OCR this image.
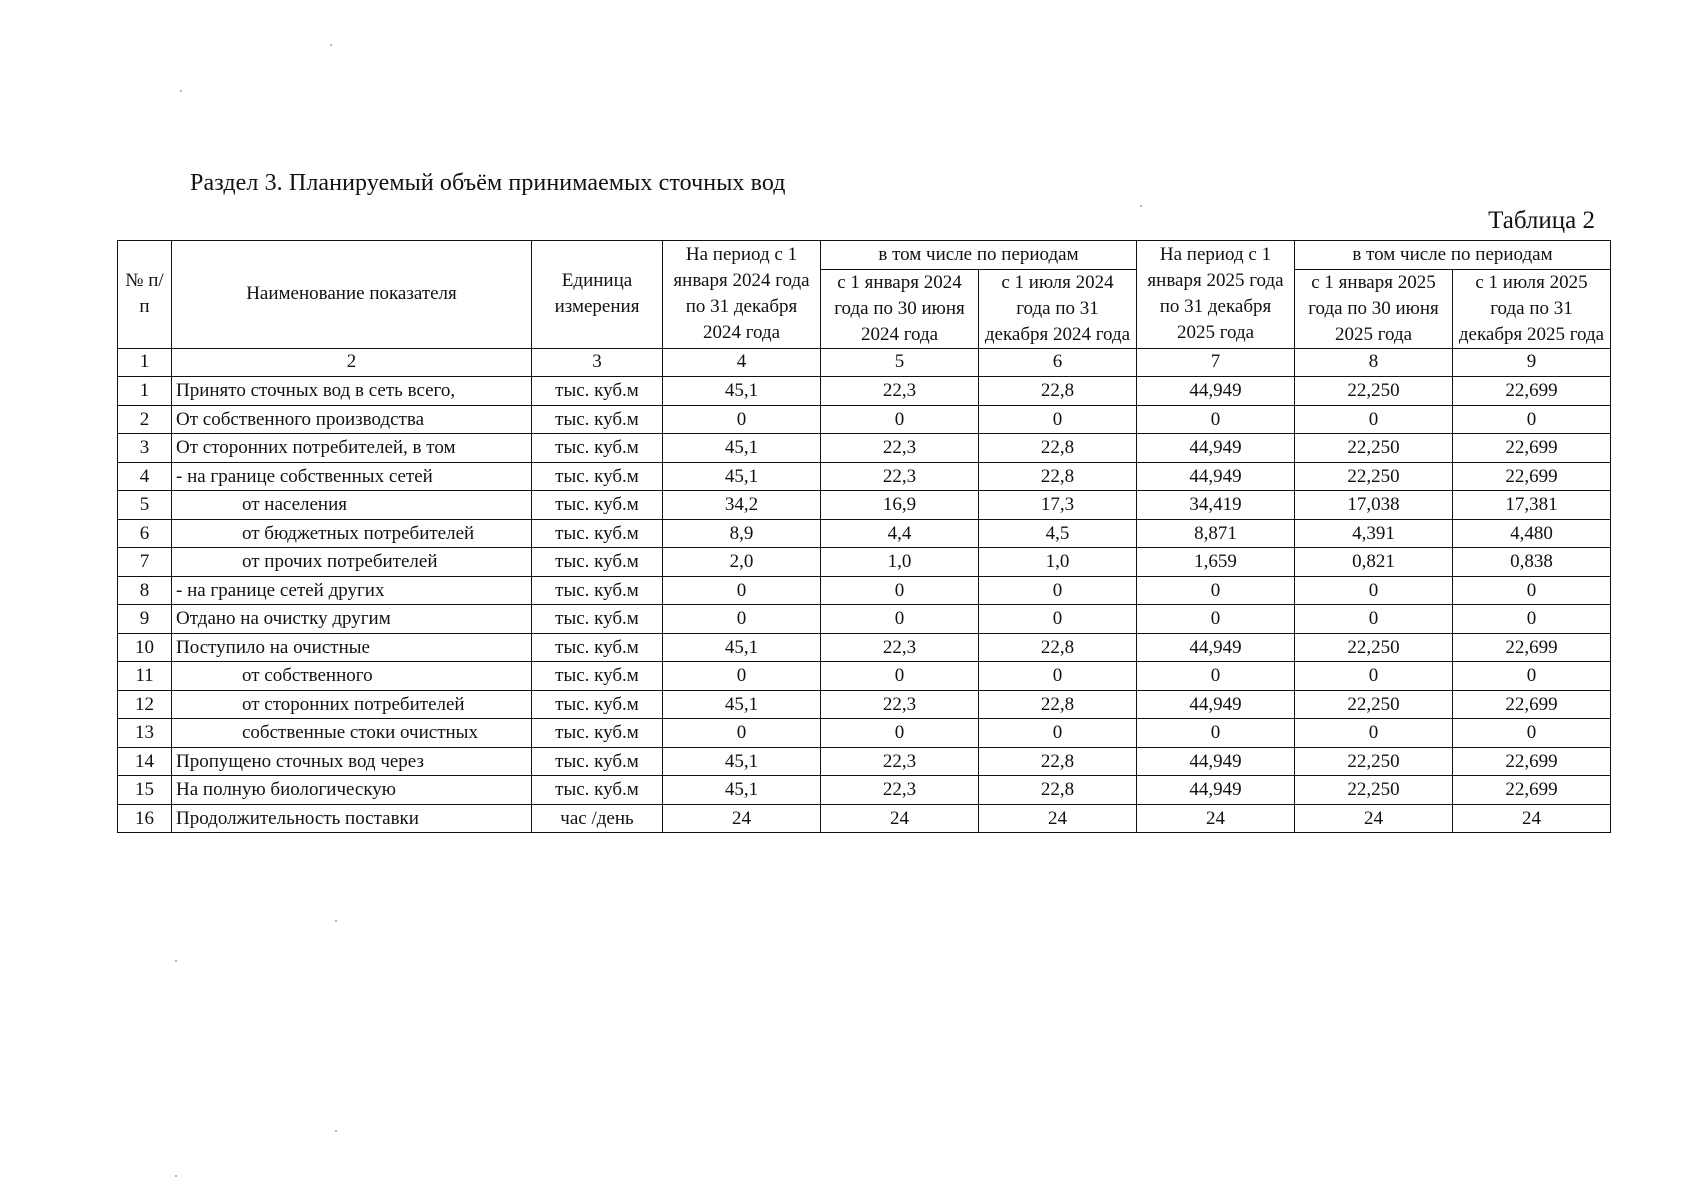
Раздел 3. Планируемый объём принимаемых сточных вод
Таблица 2
№ п/п	Наименование показателя	Единица измерения	На период с 1 января 2024 года по 31 декабря 2024 года	в том числе по периодам		На период с 1 января 2025 года по 31 декабря 2025 года	в том числе по периодам	
				с 1 января 2024 года по 30 июня 2024 года	с 1 июля 2024 года по 31 декабря 2024 года		с 1 января 2025 года по 30 июня 2025 года	с 1 июля 2025 года по 31 декабря 2025 года
1	2	3	4	5	6	7	8	9
1	Принято сточных вод в сеть всего,	тыс. куб.м	45,1	22,3	22,8	44,949	22,250	22,699
2	От собственного производства	тыс. куб.м	0	0	0	0	0	0
3	От сторонних потребителей, в том	тыс. куб.м	45,1	22,3	22,8	44,949	22,250	22,699
4	- на границе собственных сетей	тыс. куб.м	45,1	22,3	22,8	44,949	22,250	22,699
5	от населения	тыс. куб.м	34,2	16,9	17,3	34,419	17,038	17,381
6	от бюджетных потребителей	тыс. куб.м	8,9	4,4	4,5	8,871	4,391	4,480
7	от прочих потребителей	тыс. куб.м	2,0	1,0	1,0	1,659	0,821	0,838
8	- на границе сетей других	тыс. куб.м	0	0	0	0	0	0
9	Отдано на очистку другим	тыс. куб.м	0	0	0	0	0	0
10	Поступило на очистные	тыс. куб.м	45,1	22,3	22,8	44,949	22,250	22,699
11	от собственного	тыс. куб.м	0	0	0	0	0	0
12	от сторонних потребителей	тыс. куб.м	45,1	22,3	22,8	44,949	22,250	22,699
13	собственные стоки очистных	тыс. куб.м	0	0	0	0	0	0
14	Пропущено сточных вод через	тыс. куб.м	45,1	22,3	22,8	44,949	22,250	22,699
15	На полную биологическую	тыс. куб.м	45,1	22,3	22,8	44,949	22,250	22,699
16	Продолжительность поставки	час /день	24	24	24	24	24	24
